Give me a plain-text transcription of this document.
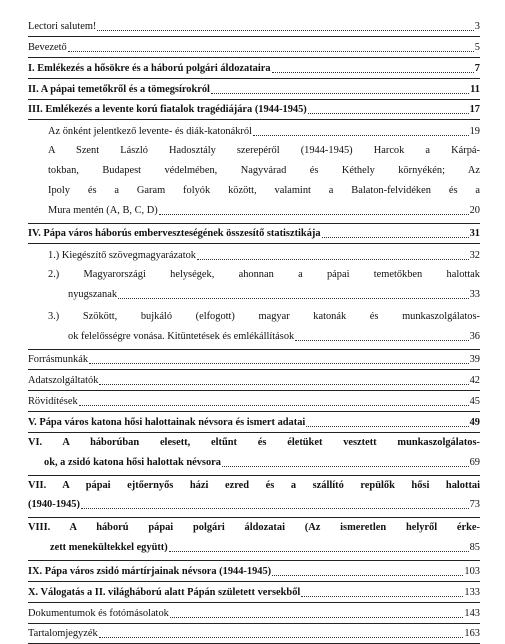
Lectori salutem!	3
Bevezető	5
I. Emlékezés a hősökre és a háború polgári áldozataira	7
II. A pápai temetőkről és a tömegsírokról	11
III. Emlékezés a levente korú fiatalok tragédiájára (1944-1945)	17
Az önként jelentkező levente- és diák-katonákról	19
A Szent László Hadosztály szerepéről (1944-1945) Harcok a Kárpá-
tokban, Budapest védelmében, Nagyvárad és Kéthely környékén; Az
Ipoly és a Garam folyók között, valamint a Balaton-felvidéken és a
Mura mentén (A, B, C, D)	20
IV. Pápa város háborús emberveszteségének összesítő statisztikája	31
1.) Kiegészítő szövegmagyarázatok	32
2.) Magyarországi helységek, ahonnan a pápai temetőkben halottak
nyugszanak	33
3.) Szökött, bujkáló (elfogott) magyar katonák és munkaszolgálatos-
ok felelősségre vonása. Kitüntetések és emlékállítások	36
Forrásmunkák	39
Adatszolgáltatók	42
Rövidítések	45
V. Pápa város katona hősi halottainak névsora és ismert adatai	49
VI. A háborúban elesett, eltűnt és életüket vesztett munkaszolgálatos-
ok, a zsidó katona hősi halottak névsora	69
VII. A pápai ejtőernyős házi ezred és a szállító repülők hősi halottai
(1940-1945)	73
VIII. A háború pápai polgári áldozatai (Az ismeretlen helyről érke-
zett menekültekkel együtt)	85
IX. Pápa város zsidó mártírjainak névsora (1944-1945)	103
X. Válogatás a II. világháború alatt Pápán született versekből	133
Dokumentumok és fotómásolatok	143
Tartalomjegyzék	163
